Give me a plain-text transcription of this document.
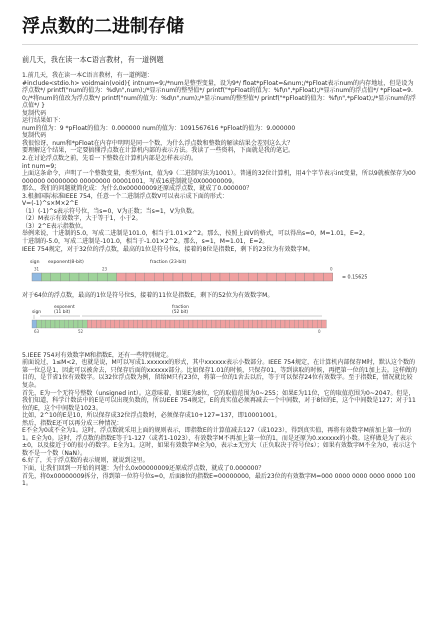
浮点数的二进制存储
前几天，我在读一本C语言教材，有一道例题

1.前几天，我在读一本C语言教材，有一道例题：

#include<stdio.h> voidmain(void){ intnum=9;/*num是整型变量，设为9*/ float*pFloat=&num;/*pFloat表示num的内存地址，但是设为浮点数*/ printf("num的值为：%d\n",num);/*显示num的整型值*/ printf("*pFloat的值为：%f\n",*pFloat);/*显示num的浮点值*/ *pFloat=9.0;/*将num的值改为浮点数*/ printf("num的值为：%d\n",num);/*显示num的整型值*/ printf("*pFloat的值为：%f\n",*pFloat);/*显示num的浮点值*/ }

复制代码

运行结果如下：

num的值为：9 *pFloat的值为：0.000000 num的值为：1091567616 *pFloat的值为：9.000000

复制代码

我很惊讶，num和*pFloat在内存中明明是同一个数，为什么浮点数和整数的解读结果会差别这么大？

要理解这个结果，一定要搞懂浮点数在计算机内部的表示方法。我读了一些资料，下面就是我的笔记。

2.在讨论浮点数之前，先看一下整数在计算机内部是怎样表示的。

int num=9;

上面这条命令，声明了一个整数变量，类型为int，值为9（二进制写法为1001）。普通的32位计算机，用4个字节表示int变量，所以9就被保存为00000000 00000000 00000000 00001001，写成16进制就是0X00000009。

那么，我们的问题就简化成：为什么0x00000009还原成浮点数，就成了0.000000？

3.根据国际标准IEEE 754，任意一个二进制浮点数V可以表示成下面的形式：

V=(-1)^s×M×2^E

（1）(-1)^s表示符号位，当s=0，V为正数；当s=1，V为负数。

（2）M表示有效数字，大于等于1，小于2。

（3）2^E表示指数位。

举例来说，十进制的5.0，写成二进制是101.0，相当于1.01×2^2。那么，按照上面V的格式，可以得出s=0，M=1.01，E=2。

十进制的-5.0，写成二进制是-101.0，相当于-1.01×2^2。那么，s=1，M=1.01，E=2。

IEEE 754规定，对于32位的浮点数，最高的1位是符号位s，接着的8位是指数E，剩下的23位为有效数字M。

sign exponent(8-bit)	fraction (23-bit)
31	23	0
= 0.15625

对于64位的浮点数，最高的1位是符号位S，接着的11位是指数E，剩下的52位为有效数字M。

exponent
sign	(11 bit)
fraction
(52 bit)
63	52	0

5.IEEE 754对有效数字M和指数E，还有一些特别规定。

前面说过，1≤M<2，也就是说，M可以写成1.xxxxxx的形式，其中xxxxxx表示小数部分。IEEE 754规定，在计算机内部保存M时，默认这个数的第一位总是1，因此可以被舍去，只保存后面的xxxxxx部分。比如保存1.01的时候，只保存01，等到读取的时候，再把第一位的1加上去。这样做的目的，是节省1位有效数字。以32位浮点数为例，留给M只有23位，将第一位的1舍去以后，等于可以保存24位有效数字。至于指数E，情况就比较复杂。

首先，E为一个无符号整数（unsigned int）。这意味着，如果E为8位，它的取值范围为0~255；如果E为11位，它的取值范围为0~2047。但是，我们知道，科学计数法中的E是可以出现负数的，所以IEEE 754规定，E的真实值必须再减去一个中间数，对于8位的E，这个中间数是127；对于11位的E，这个中间数是1023。

比如，2^10的E是10，所以保存成32位浮点数时，必须保存成10+127=137，即10001001。

然后，指数E还可以再分成三种情况：

E不全为0或不全为1。这时，浮点数就采用上面的规则表示，即指数E的计算值减去127（或1023），得到真实值，再将有效数字M前加上第一位的1。E全为0。这时，浮点数的指数E等于1-127（或者1-1023），有效数字M不再加上第一位的1，而是还原为0.xxxxxx的小数。这样做是为了表示±0，以及接近于0的很小的数字。E全为1。这时，如果有效数字M全为0，表示±无穷大（正负取决于符号位s）；如果有效数字M不全为0，表示这个数不是一个数（NaN）。

6.好了，关于浮点数的表示规则，就说到这里。

下面，让我们回到一开始的问题：为什么0x00000009还原成浮点数，就成了0.000000？

首先，将0x00000009拆分，得到第一位符号位s=0，后面8位的指数E=00000000，最后23位的有效数字M=000 0000 0000 0000 0000 1001。
